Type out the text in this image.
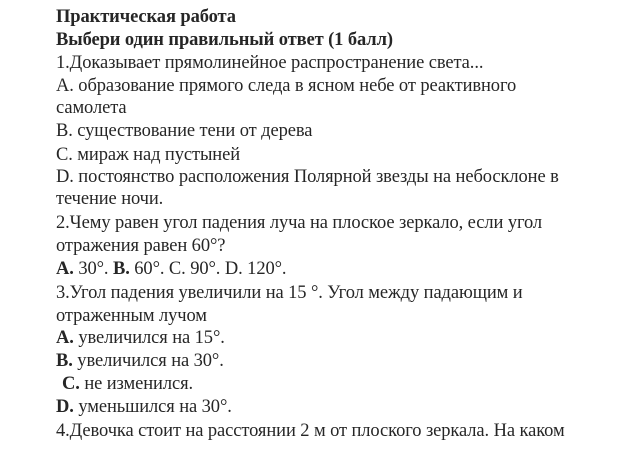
Практическая работа
Выбери один правильный ответ (1 балл)
1.Доказывает прямолинейное распространение света...
A. образование прямого следа в ясном небе от реактивного
самолета
B. существование тени от дерева
C. мираж над пустыней
D. постоянство расположения Полярной звезды на небосклоне в
течение ночи.
2.Чему равен угол падения луча на плоское зеркало, если угол
отражения равен 60°?
A. 30°. B. 60°. C. 90°. D. 120°.
3.Угол падения увеличили на 15 °. Угол между падающим и
отраженным лучом
A. увеличился на 15°.
B. увеличился на 30°.
C. не изменился.
D. уменьшился на 30°.
4.Девочка стоит на расстоянии 2 м от плоского зеркала. На каком
